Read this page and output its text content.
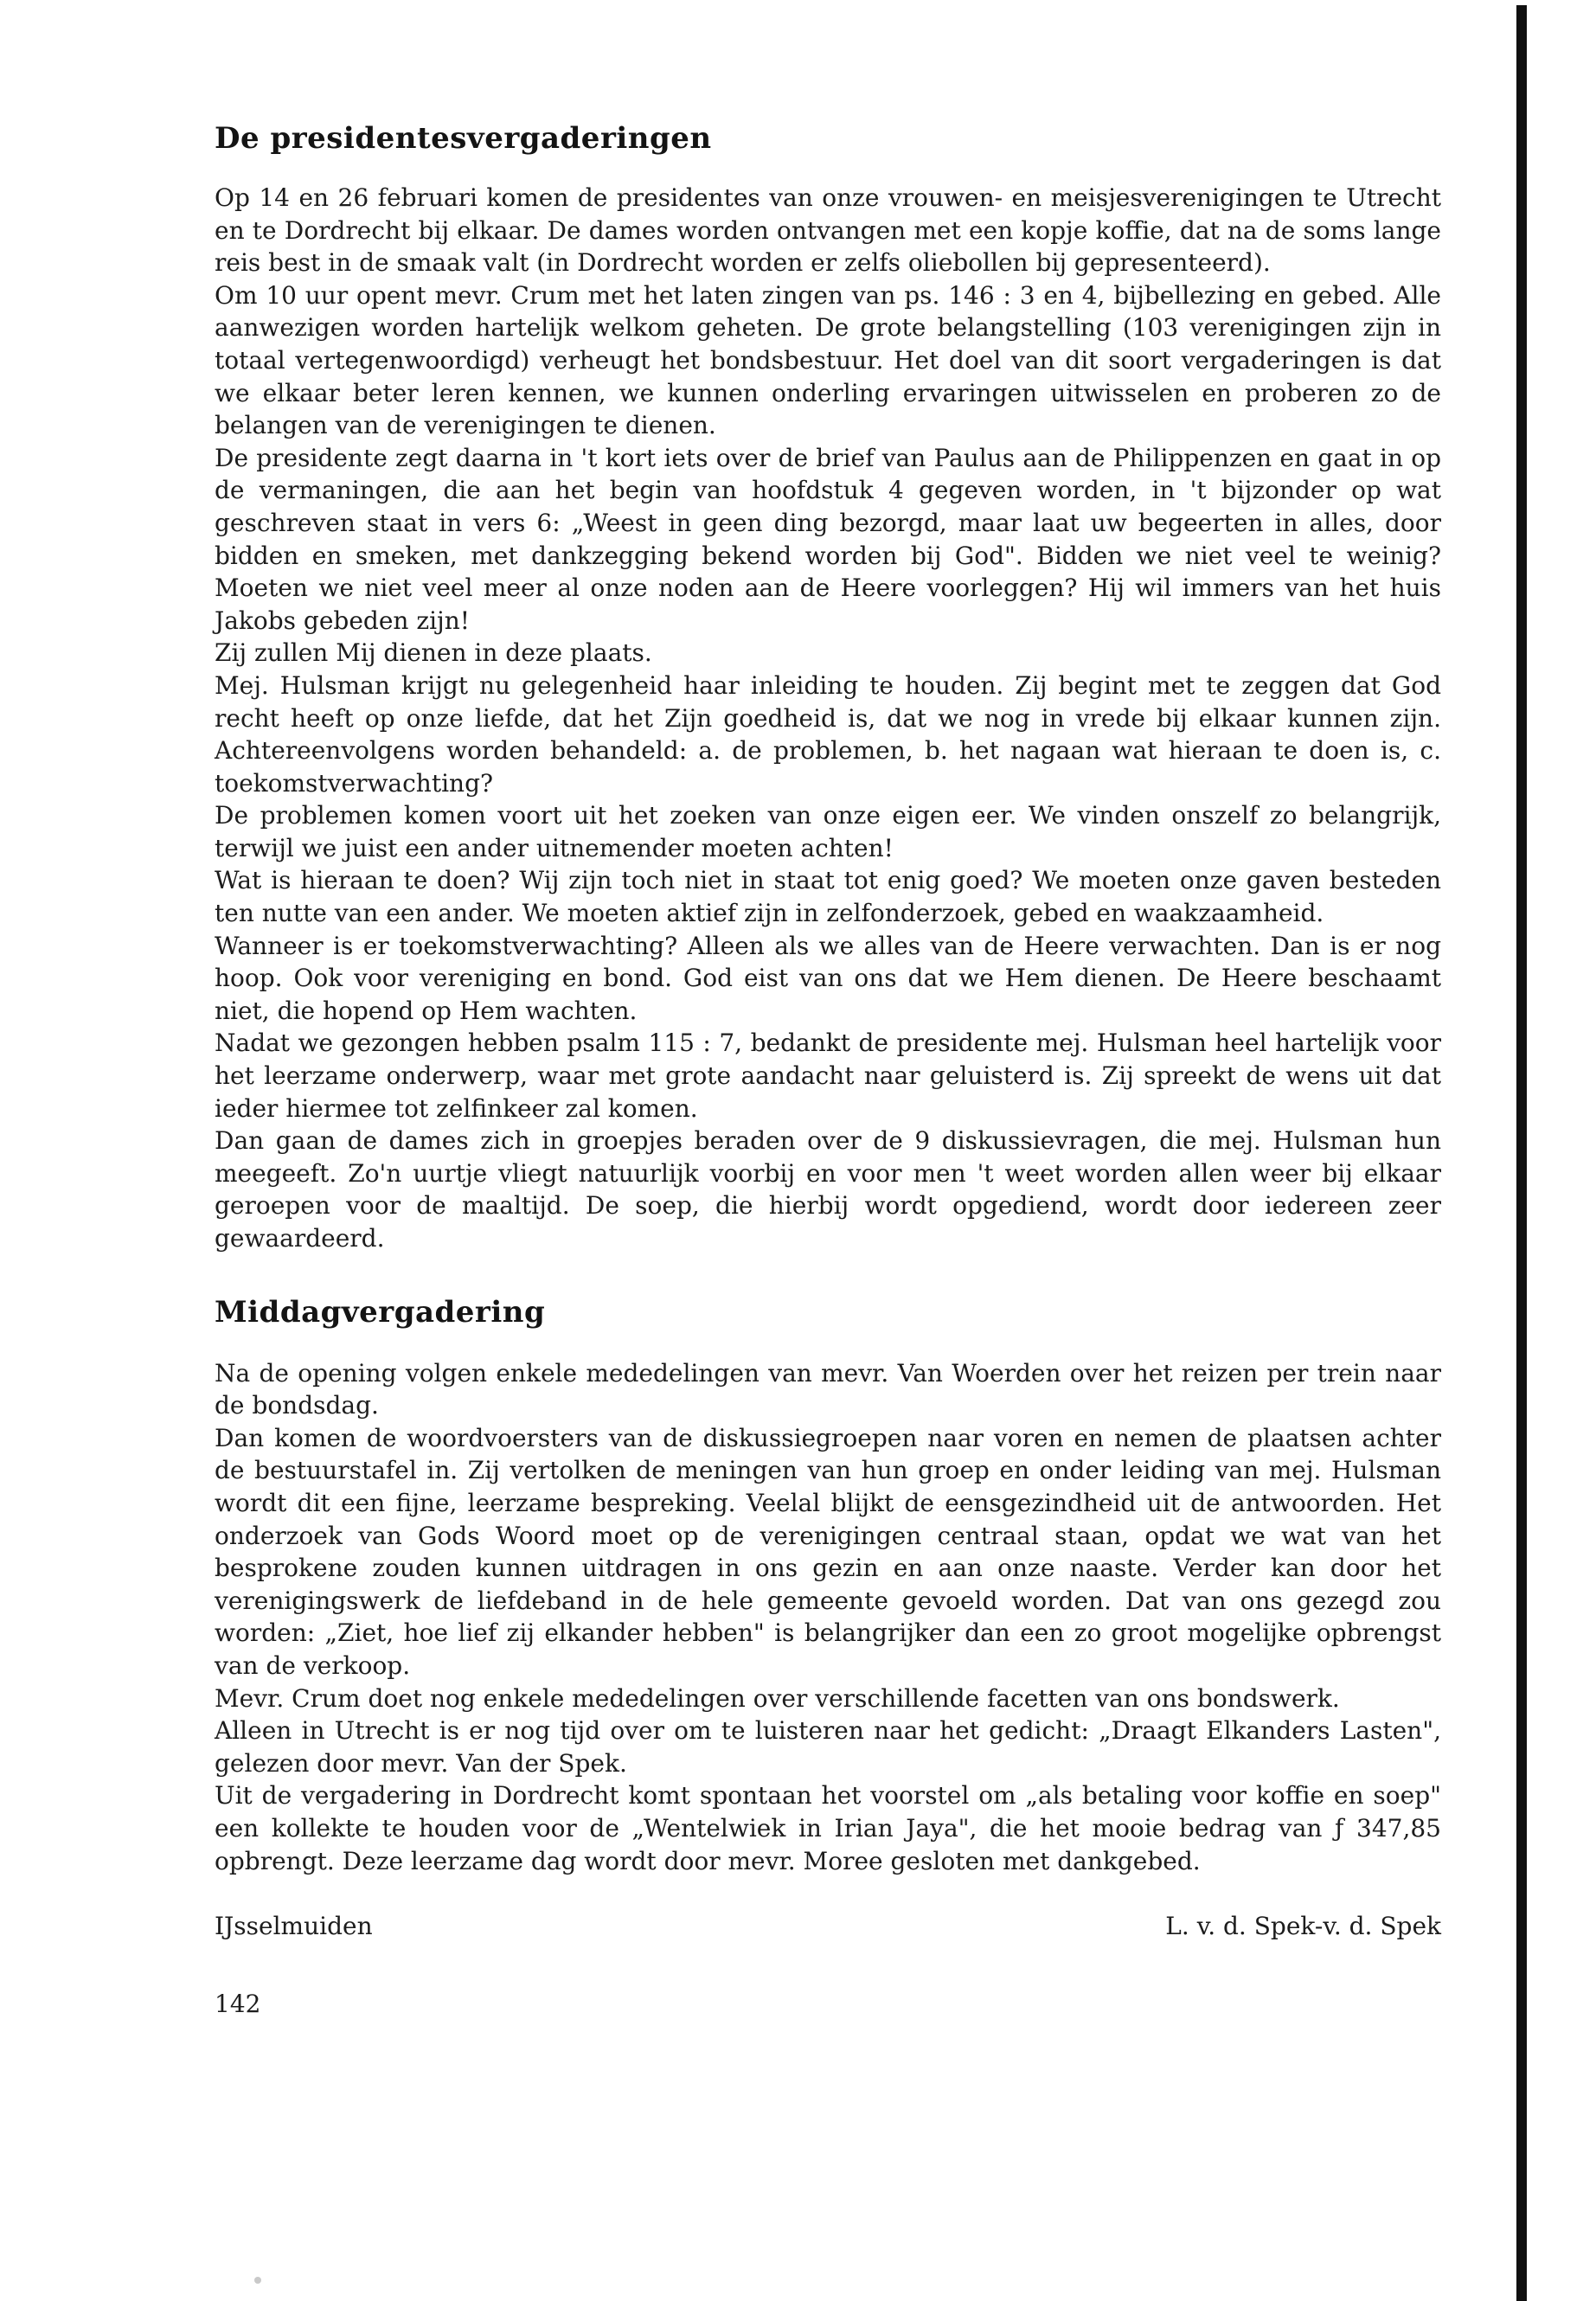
De presidentesvergaderingen

Op 14 en 26 februari komen de presidentes van onze vrouwen- en meisjesverenigingen te Utrecht en te Dordrecht bij elkaar. De dames worden ontvangen met een kopje koffie, dat na de soms lange reis best in de smaak valt (in Dordrecht worden er zelfs oliebollen bij gepresenteerd).

Om 10 uur opent mevr. Crum met het laten zingen van ps. 146 : 3 en 4, bijbellezing en gebed. Alle aanwezigen worden hartelijk welkom geheten. De grote belangstelling (103 verenigingen zijn in totaal vertegenwoordigd) verheugt het bondsbestuur. Het doel van dit soort vergaderingen is dat we elkaar beter leren kennen, we kunnen onderling ervaringen uitwisselen en proberen zo de belangen van de verenigingen te dienen.

De presidente zegt daarna in 't kort iets over de brief van Paulus aan de Philippenzen en gaat in op de vermaningen, die aan het begin van hoofdstuk 4 gegeven worden, in 't bijzonder op wat geschreven staat in vers 6: „Weest in geen ding bezorgd, maar laat uw begeerten in alles, door bidden en smeken, met dankzegging bekend worden bij God". Bidden we niet veel te weinig? Moeten we niet veel meer al onze noden aan de Heere voorleggen? Hij wil immers van het huis Jakobs gebeden zijn!
Zij zullen Mij dienen in deze plaats.

Mej. Hulsman krijgt nu gelegenheid haar inleiding te houden. Zij begint met te zeggen dat God recht heeft op onze liefde, dat het Zijn goedheid is, dat we nog in vrede bij elkaar kunnen zijn. Achtereenvolgens worden behandeld: a. de problemen, b. het nagaan wat hieraan te doen is, c. toekomstverwachting?

De problemen komen voort uit het zoeken van onze eigen eer. We vinden onszelf zo belangrijk, terwijl we juist een ander uitnemender moeten achten!

Wat is hieraan te doen? Wij zijn toch niet in staat tot enig goed? We moeten onze gaven besteden ten nutte van een ander. We moeten aktief zijn in zelfonderzoek, gebed en waakzaamheid.

Wanneer is er toekomstverwachting? Alleen als we alles van de Heere verwachten. Dan is er nog hoop. Ook voor vereniging en bond. God eist van ons dat we Hem dienen. De Heere beschaamt niet, die hopend op Hem wachten.

Nadat we gezongen hebben psalm 115 : 7, bedankt de presidente mej. Hulsman heel hartelijk voor het leerzame onderwerp, waar met grote aandacht naar geluisterd is. Zij spreekt de wens uit dat ieder hiermee tot zelfinkeer zal komen.

Dan gaan de dames zich in groepjes beraden over de 9 diskussievragen, die mej. Hulsman hun meegeeft. Zo'n uurtje vliegt natuurlijk voorbij en voor men 't weet worden allen weer bij elkaar geroepen voor de maaltijd. De soep, die hierbij wordt opgediend, wordt door iedereen zeer gewaardeerd.

Middagvergadering

Na de opening volgen enkele mededelingen van mevr. Van Woerden over het reizen per trein naar de bondsdag.

Dan komen de woordvoersters van de diskussiegroepen naar voren en nemen de plaatsen achter de bestuurstafel in. Zij vertolken de meningen van hun groep en onder leiding van mej. Hulsman wordt dit een fijne, leerzame bespreking. Veelal blijkt de eensgezindheid uit de antwoorden. Het onderzoek van Gods Woord moet op de verenigingen centraal staan, opdat we wat van het besprokene zouden kunnen uitdragen in ons gezin en aan onze naaste. Verder kan door het verenigingswerk de liefdeband in de hele gemeente gevoeld worden. Dat van ons gezegd zou worden: „Ziet, hoe lief zij elkander hebben" is belangrijker dan een zo groot mogelijke opbrengst van de verkoop.

Mevr. Crum doet nog enkele mededelingen over verschillende facetten van ons bondswerk.

Alleen in Utrecht is er nog tijd over om te luisteren naar het gedicht: „Draagt Elkanders Lasten", gelezen door mevr. Van der Spek.

Uit de vergadering in Dordrecht komt spontaan het voorstel om „als betaling voor koffie en soep" een kollekte te houden voor de „Wentelwiek in Irian Jaya", die het mooie bedrag van ƒ 347,85 opbrengt. Deze leerzame dag wordt door mevr. Moree gesloten met dankgebed.

IJsselmuiden	L. v. d. Spek-v. d. Spek
142
